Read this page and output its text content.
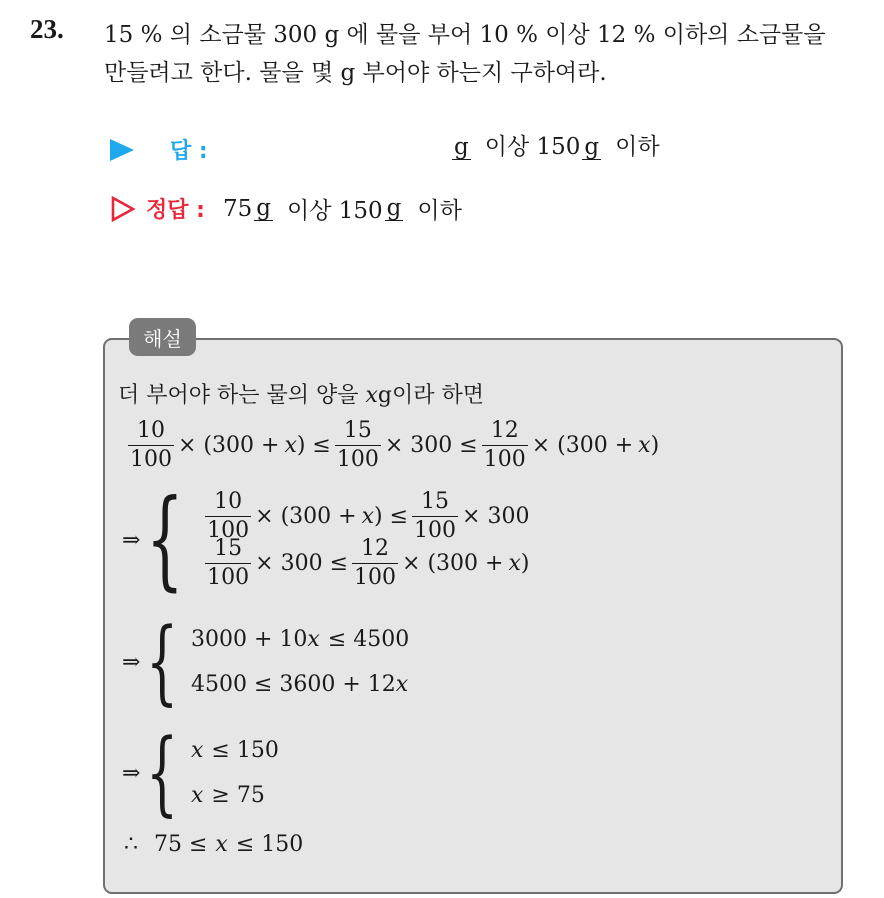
23. 15 % 의 소금물 300 g 에 물을 부어 10 % 이상 12 % 이하의 소금물을
만들려고 한다. 물을 몇 g 부어야 하는지 구하여라.
답 :	g 이상 150 g 이하
정답 : 75 g 이상 150 g 이하
해설
더 부어야 하는 물의 양을 xg이라 하면
$\frac{10}{100} \times (300 + x$ ) ≤ $\frac{15}{100} \times 300 \le \frac{12}{100} \times (300 + x$ )
⇒ { $\frac{10}{100} \times (300 + x$ ) ≤ $\frac{15}{100} \times 300$
$\frac{15}{100} \times 300 \le \frac{12}{100} \times (300 + x$ )
⇒ { 3000 + 10 x ≤ 4500
4500 ≤ 3600 + 12 x
⇒ { x ≤ 150
x ≥ 75
∴ 75 ≤ x ≤ 150
